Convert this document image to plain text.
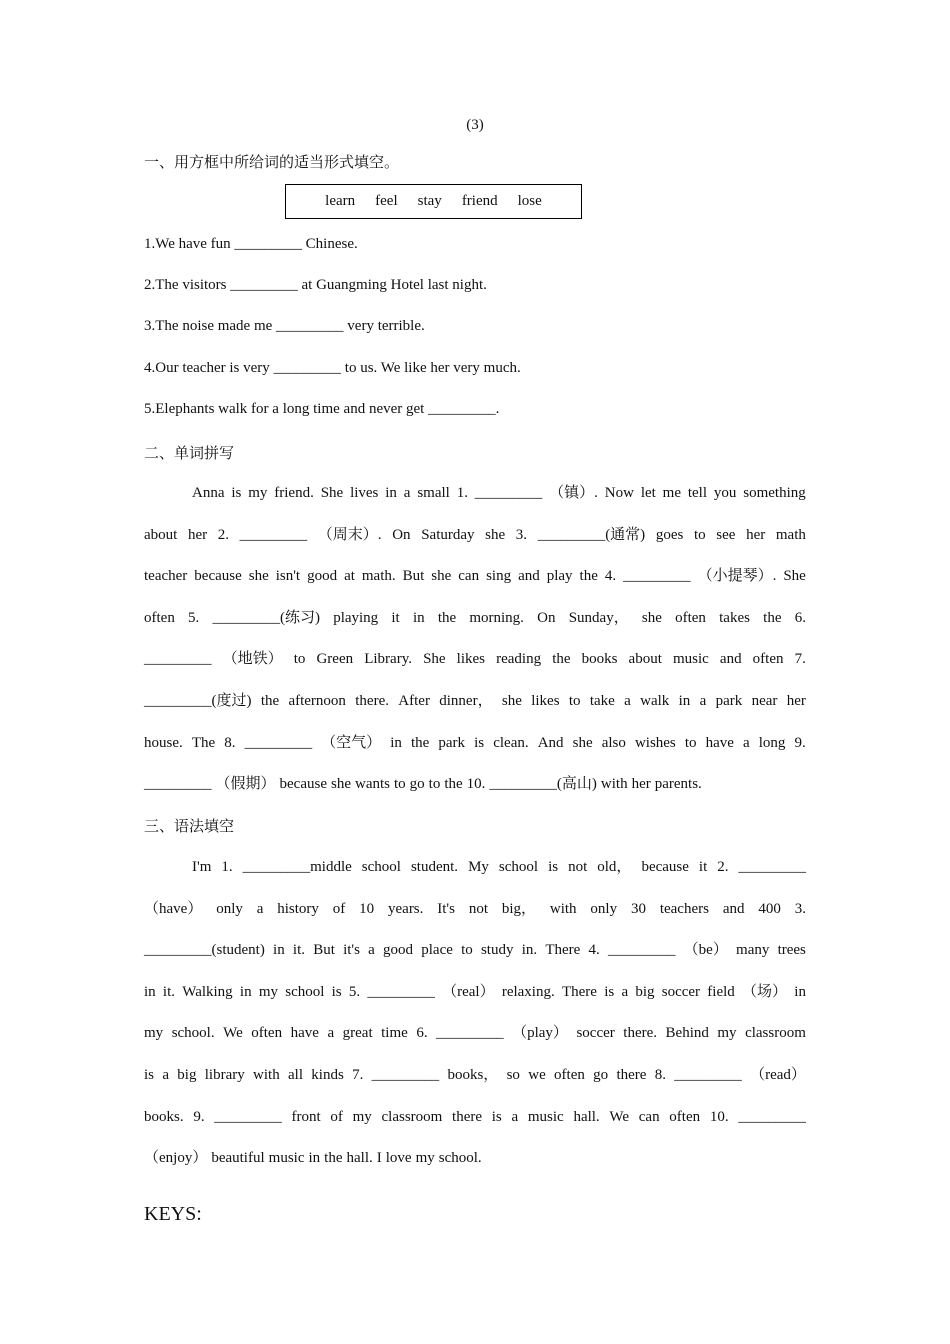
(3)
一、用方框中所给词的适当形式填空。
learn feel stay friend lose
1.We have fun _________ Chinese.
2.The visitors _________ at Guangming Hotel last night.
3.The noise made me _________ very terrible.
4.Our teacher is very _________ to us. We like her very much.
5.Elephants walk for a long time and never get _________.
二、单词拼写

Anna is my friend. She lives in a small 1. _________ （镇）. Now let me tell you something

about her 2. _________ （周末）. On Saturday she 3. _________(通常) goes to see her math

teacher because she isn't good at math. But she can sing and play the 4. _________ （小提琴）. She

often 5. _________(练习) playing it in the morning. On Sunday， she often takes the 6.

_________ （地铁） to Green Library. She likes reading the books about music and often 7.

_________(度过) the afternoon there. After dinner， she likes to take a walk in a park near her

house. The 8. _________ （空气） in the park is clean. And she also wishes to have a long 9.

_________ （假期） because she wants to go to the 10. _________(高山) with her parents.

三、语法填空

I'm 1. _________middle school student. My school is not old， because it 2. _________

（have） only a history of 10 years. It's not big， with only 30 teachers and 400 3.

_________(student) in it. But it's a good place to study in. There 4. _________ （be） many trees

in it. Walking in my school is 5. _________ （real） relaxing. There is a big soccer field （场） in

my school. We often have a great time 6. _________ （play） soccer there. Behind my classroom

is a big library with all kinds 7. _________ books， so we often go there 8. _________ （read）

books. 9. _________ front of my classroom there is a music hall. We can often 10. _________

（enjoy） beautiful music in the hall. I love my school.

KEYS:
